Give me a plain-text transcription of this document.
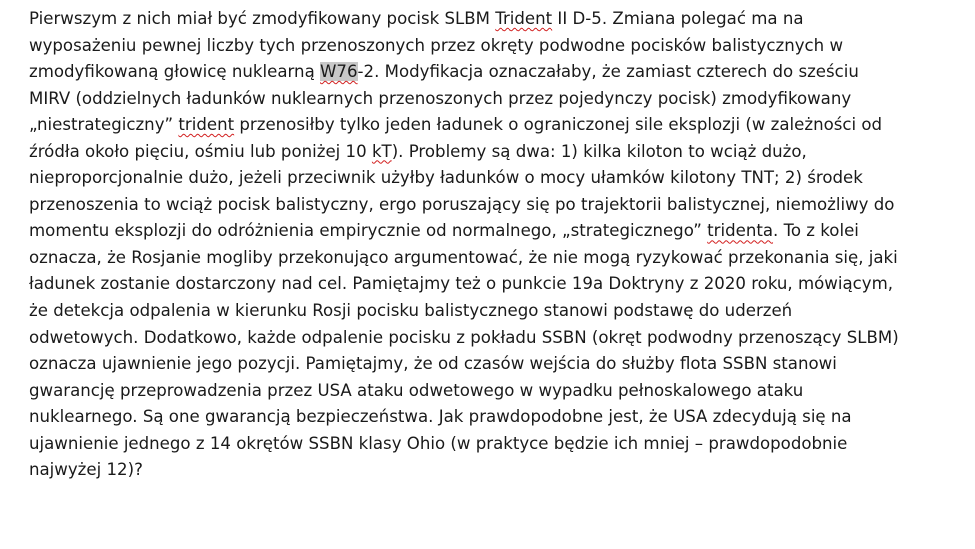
Pierwszym z nich miał być zmodyfikowany pocisk SLBM Trident II D-5. Zmiana polegać ma na
wyposażeniu pewnej liczby tych przenoszonych przez okręty podwodne pocisków balistycznych w
zmodyfikowaną głowicę nuklearną W76-2. Modyfikacja oznaczałaby, że zamiast czterech do sześciu
MIRV (oddzielnych ładunków nuklearnych przenoszonych przez pojedynczy pocisk) zmodyfikowany
„niestrategiczny” trident przenosiłby tylko jeden ładunek o ograniczonej sile eksplozji (w zależności od
źródła około pięciu, ośmiu lub poniżej 10 kT). Problemy są dwa: 1) kilka kiloton to wciąż dużo,
nieproporcjonalnie dużo, jeżeli przeciwnik użyłby ładunków o mocy ułamków kilotony TNT; 2) środek
przenoszenia to wciąż pocisk balistyczny, ergo poruszający się po trajektorii balistycznej, niemożliwy do
momentu eksplozji do odróżnienia empirycznie od normalnego, „strategicznego” tridenta. To z kolei
oznacza, że Rosjanie mogliby przekonująco argumentować, że nie mogą ryzykować przekonania się, jaki
ładunek zostanie dostarczony nad cel. Pamiętajmy też o punkcie 19a Doktryny z 2020 roku, mówiącym,
że detekcja odpalenia w kierunku Rosji pocisku balistycznego stanowi podstawę do uderzeń
odwetowych. Dodatkowo, każde odpalenie pocisku z pokładu SSBN (okręt podwodny przenoszący SLBM)
oznacza ujawnienie jego pozycji. Pamiętajmy, że od czasów wejścia do służby flota SSBN stanowi
gwarancję przeprowadzenia przez USA ataku odwetowego w wypadku pełnoskalowego ataku
nuklearnego. Są one gwarancją bezpieczeństwa. Jak prawdopodobne jest, że USA zdecydują się na
ujawnienie jednego z 14 okrętów SSBN klasy Ohio (w praktyce będzie ich mniej – prawdopodobnie
najwyżej 12)?
